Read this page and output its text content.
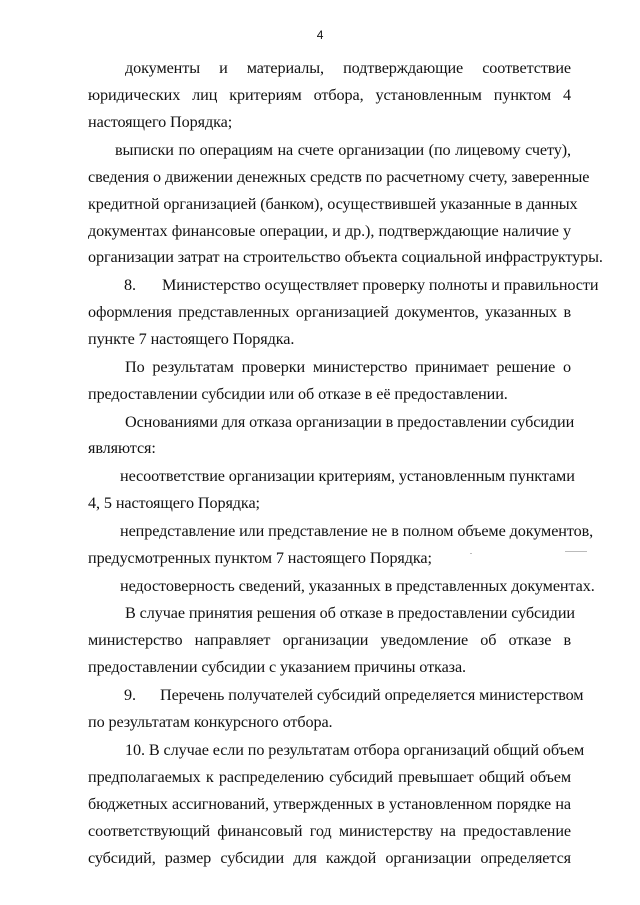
4
документы и материалы, подтверждающие соответствие
юридических лиц критериям отбора, установленным пунктом 4
настоящего Порядка;
выписки по операциям на счете организации (по лицевому счету),
сведения о движении денежных средств по расчетному счету, заверенные
кредитной организацией (банком), осуществившей указанные в данных
документах финансовые операции, и др.), подтверждающие наличие у
организации затрат на строительство объекта социальной инфраструктуры.
8. Министерство осуществляет проверку полноты и правильности
оформления представленных организацией документов, указанных в
пункте 7 настоящего Порядка.
По результатам проверки министерство принимает решение о
предоставлении субсидии или об отказе в её предоставлении.
Основаниями для отказа организации в предоставлении субсидии
являются:
несоответствие организации критериям, установленным пунктами
4, 5 настоящего Порядка;
непредставление или представление не в полном объеме документов,
предусмотренных пунктом 7 настоящего Порядка;
недостоверность сведений, указанных в представленных документах.
В случае принятия решения об отказе в предоставлении субсидии
министерство направляет организации уведомление об отказе в
предоставлении субсидии с указанием причины отказа.
9. Перечень получателей субсидий определяется министерством
по результатам конкурсного отбора.
10. В случае если по результатам отбора организаций общий объем
предполагаемых к распределению субсидий превышает общий объем
бюджетных ассигнований, утвержденных в установленном порядке на
соответствующий финансовый год министерству на предоставление
субсидий, размер субсидии для каждой организации определяется
